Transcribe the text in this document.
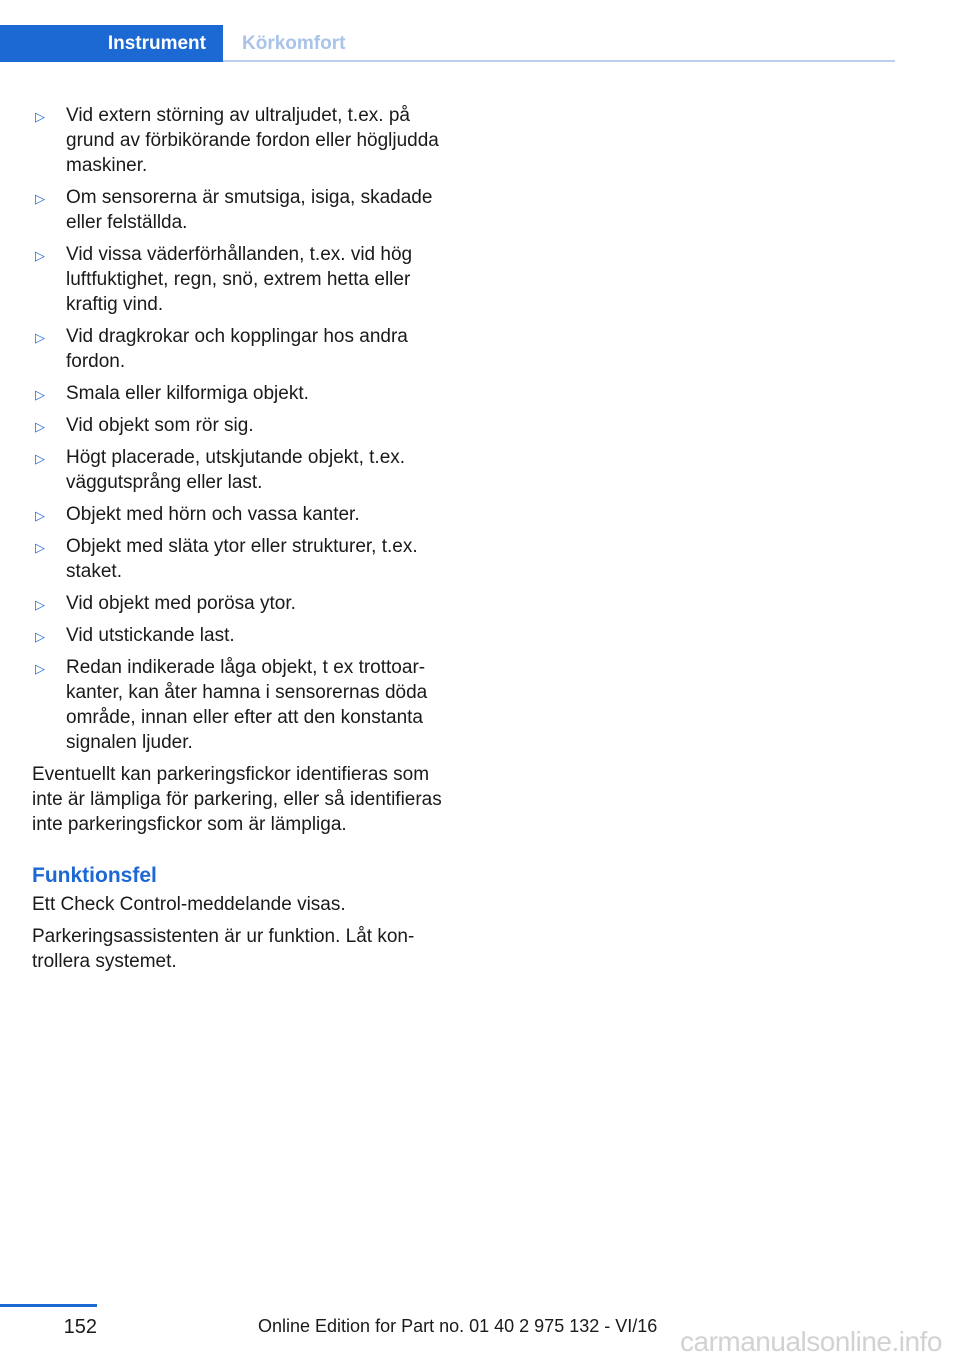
Instrument	Körkomfort
▷ Vid extern störning av ultraljudet, t.ex. på grund av förbikörande fordon eller högljudda maskiner.
▷ Om sensorerna är smutsiga, isiga, skadade eller felställda.
▷ Vid vissa väderförhållanden, t.ex. vid hög luftfuktighet, regn, snö, extrem hetta eller kraftig vind.
▷ Vid dragkrokar och kopplingar hos andra fordon.
▷ Smala eller kilformiga objekt.
▷ Vid objekt som rör sig.
▷ Högt placerade, utskjutande objekt, t.ex. väggutsprång eller last.
▷ Objekt med hörn och vassa kanter.
▷ Objekt med släta ytor eller strukturer, t.ex. staket.
▷ Vid objekt med porösa ytor.
▷ Vid utstickande last.
▷ Redan indikerade låga objekt, t ex trottoarkanter, kan åter hamna i sensorernas döda område, innan eller efter att den konstanta signalen ljuder.

Eventuellt kan parkeringsfickor identifieras som inte är lämpliga för parkering, eller så identifieras inte parkeringsfickor som är lämpliga.

Funktionsfel

Ett Check Control-meddelande visas.

Parkeringsassistenten är ur funktion. Låt kontrollera systemet.

152	Online Edition for Part no. 01 40 2 975 132 - VI/16 carmanualsonline.info
